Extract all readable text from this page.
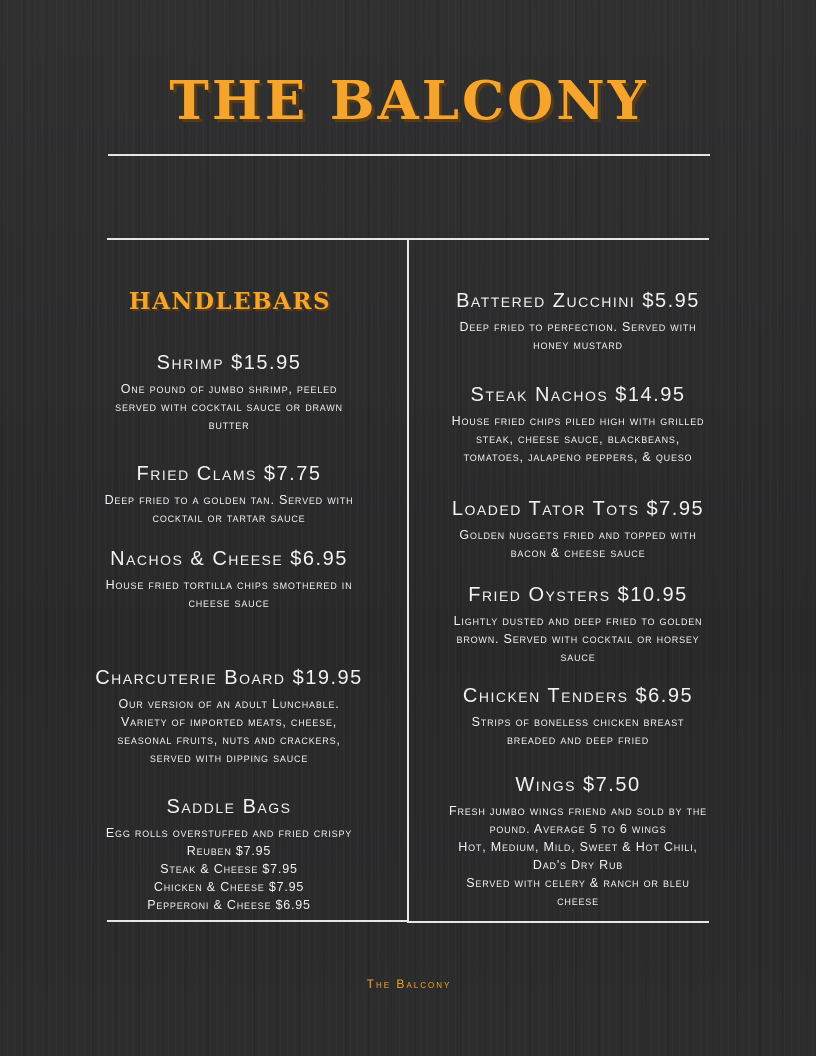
THE BALCONY
HANDLEBARS
Shrimp $15.95
One pound of jumbo shrimp, peeled
served with cocktail sauce or drawn
butter
Fried Clams $7.75
Deep fried to a golden tan. Served with
cocktail or tartar sauce
Nachos & Cheese $6.95
House fried tortilla chips smothered in
cheese sauce
Charcuterie Board $19.95
Our version of an adult Lunchable.
Variety of imported meats, cheese,
seasonal fruits, nuts and crackers,
served with dipping sauce
Saddle Bags
Egg rolls overstuffed and fried crispy
Reuben $7.95
Steak & Cheese $7.95
Chicken & Cheese $7.95
Pepperoni & Cheese $6.95
Battered Zucchini $5.95
Deep fried to perfection. Served with
honey mustard
Steak Nachos $14.95
House fried chips piled high with grilled
steak, cheese sauce, blackbeans,
tomatoes, jalapeno peppers, & queso
Loaded Tator Tots $7.95
Golden nuggets fried and topped with
bacon & cheese sauce
Fried Oysters $10.95
Lightly dusted and deep fried to golden
brown. Served with cocktail or horsey
sauce
Chicken Tenders $6.95
Strips of boneless chicken breast
breaded and deep fried
Wings $7.50
Fresh jumbo wings friend and sold by the
pound. Average 5 to 6 wings
Hot, Medium, Mild, Sweet & Hot Chili,
Dad's Dry Rub
Served with celery & ranch or bleu
cheese
The Balcony
